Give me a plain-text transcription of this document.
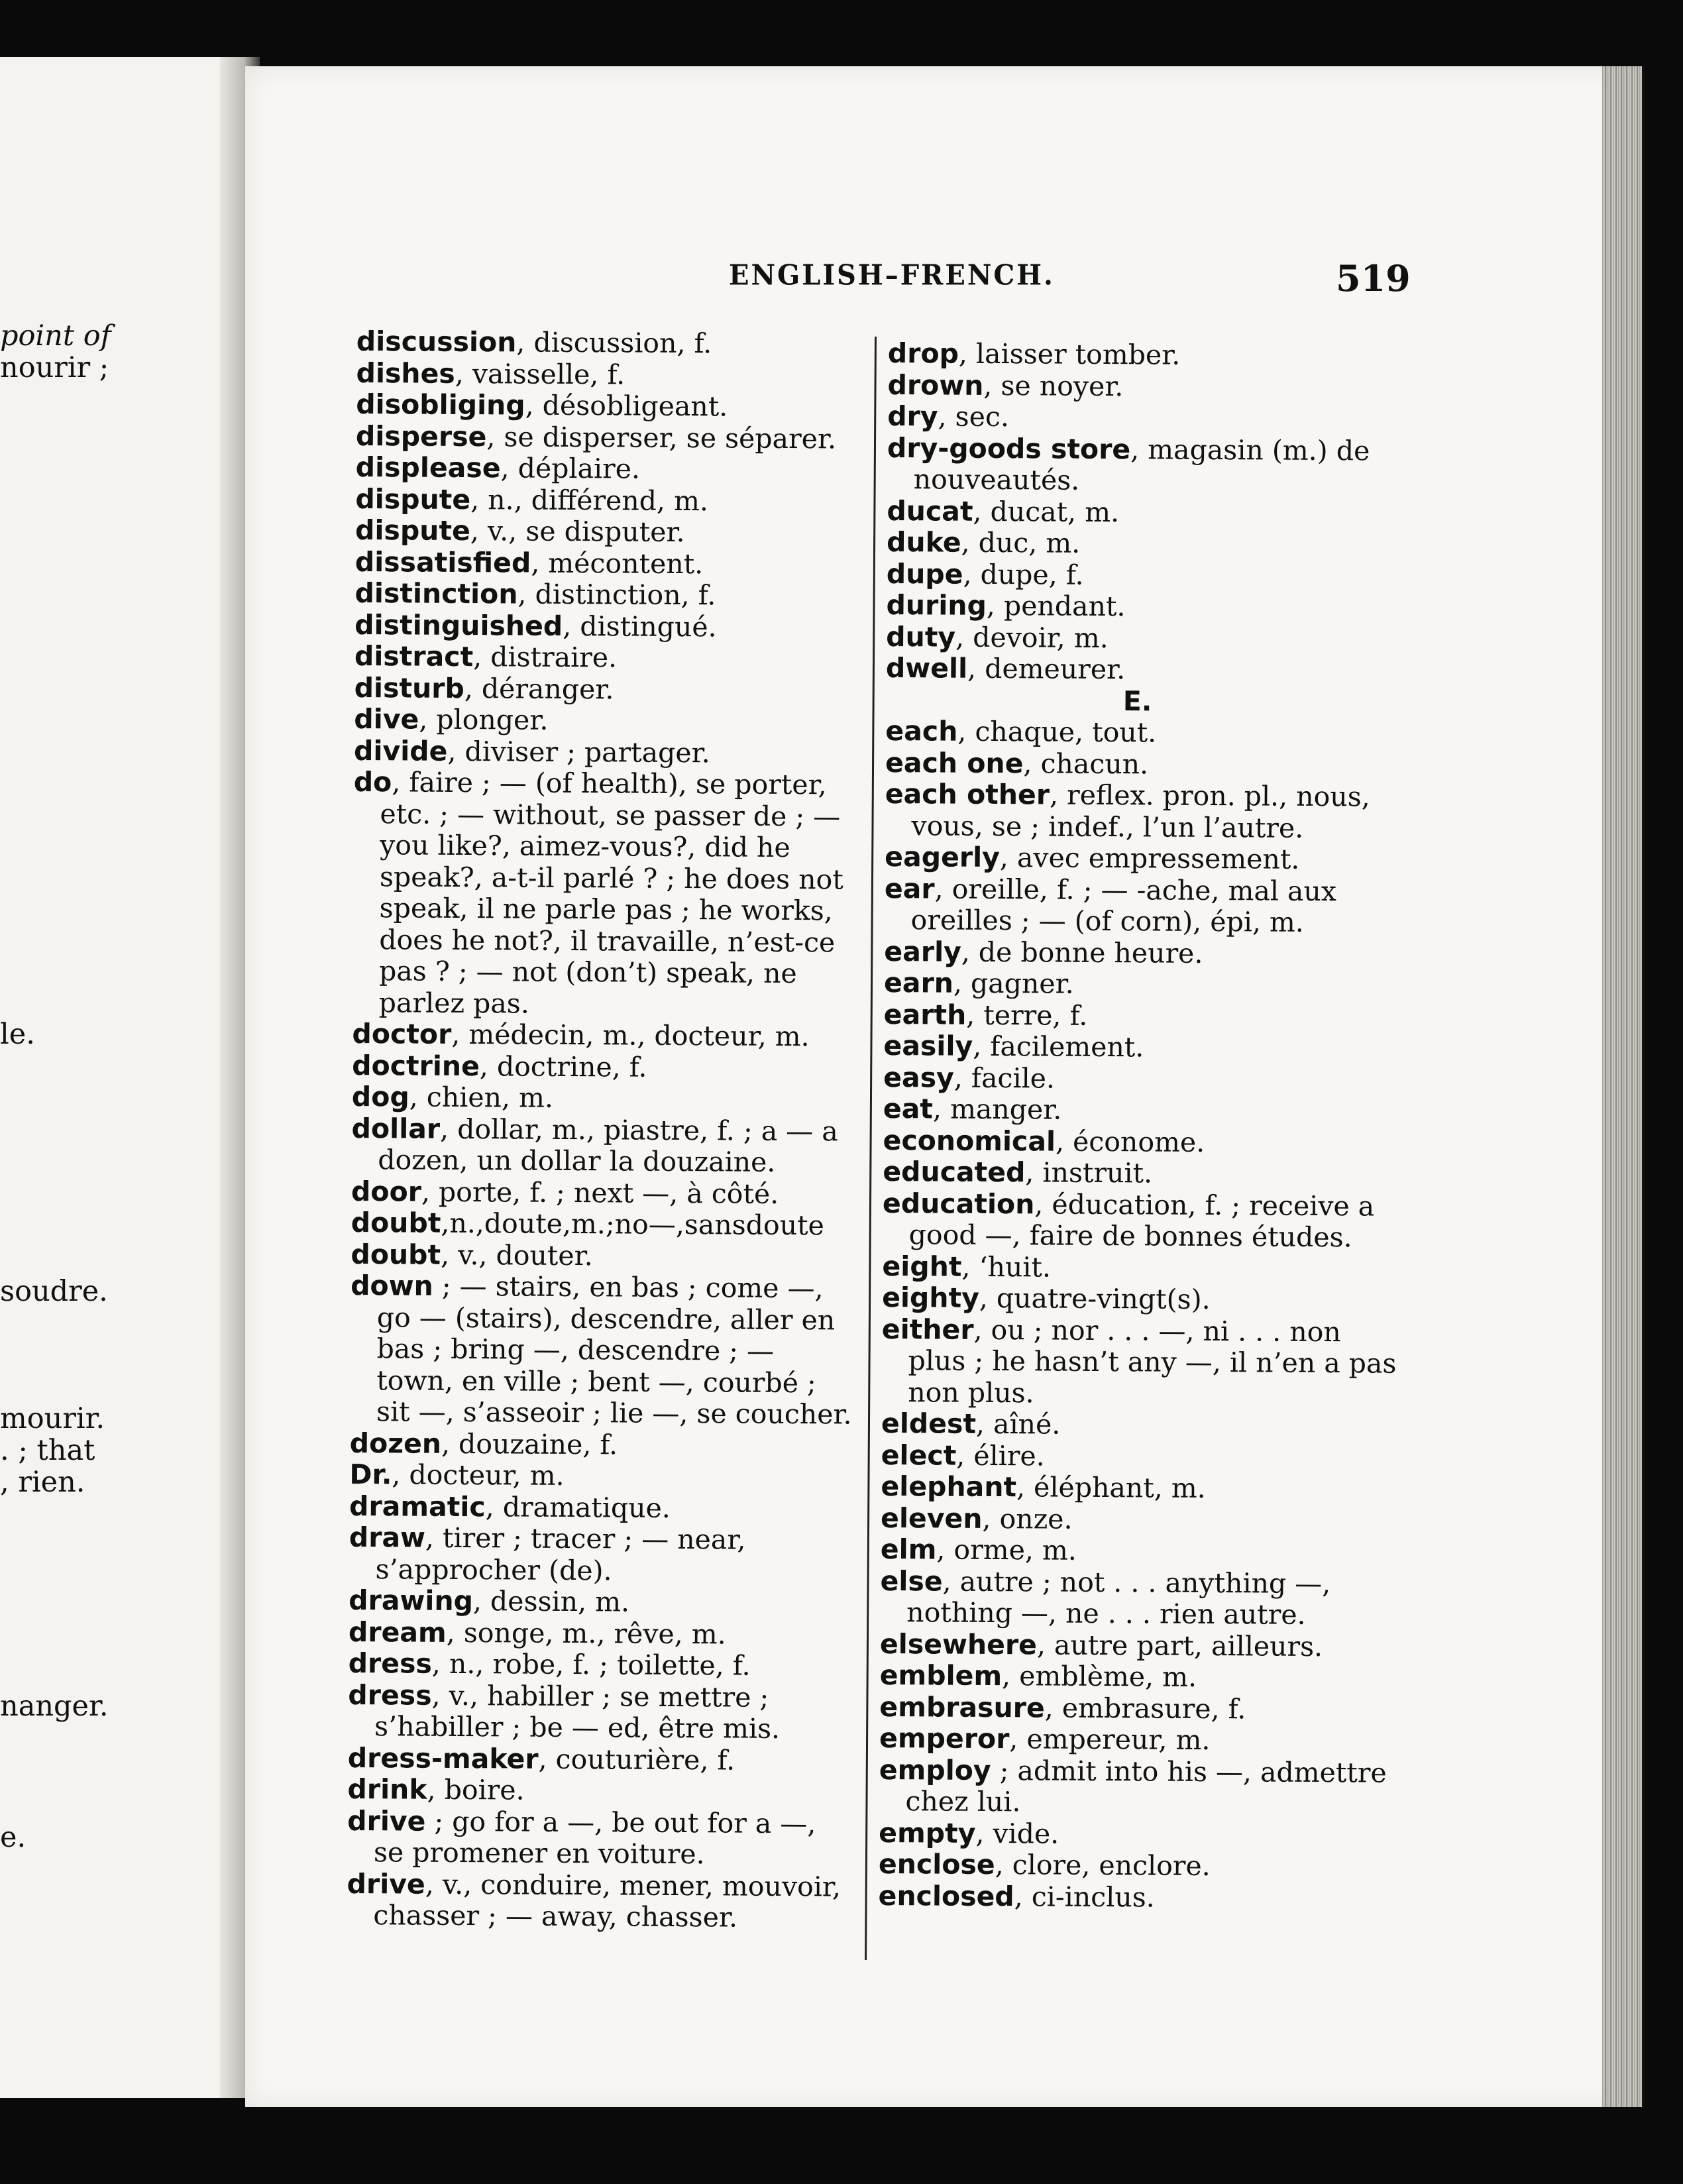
point of
nourir ;
le.
soudre.
mourir.
. ; that
, rien.
nanger.
e.
ENGLISH–FRENCH.	519
discussion, discussion, f.
dishes, vaisselle, f.
disobliging, désobligeant.
disperse, se disperser, se séparer.
displease, déplaire.
dispute, n., différend, m.
dispute, v., se disputer.
dissatisfied, mécontent.
distinction, distinction, f.
distinguished, distingué.
distract, distraire.
disturb, déranger.
dive, plonger.
divide, diviser ; partager.
do, faire ; — (of health), se porter, etc. ; — without, se passer de ; — you like?, aimez-vous?, did he speak?, a-t-il parlé ? ; he does not speak, il ne parle pas ; he works, does he not?, il travaille, n’est-ce pas ? ; — not (don’t) speak, ne parlez pas.
doctor, médecin, m., docteur, m.
doctrine, doctrine, f.
dog, chien, m.
dollar, dollar, m., piastre, f. ; a — a dozen, un dollar la douzaine.
door, porte, f. ; next —, à côté.
doubt,n.,doute,m.;no—,sansdoute
doubt, v., douter.
down ; — stairs, en bas ; come —, go — (stairs), descendre, aller en bas ; bring —, descendre ; — town, en ville ; bent —, courbé ; sit —, s’asseoir ; lie —, se coucher.
dozen, douzaine, f.
Dr., docteur, m.
dramatic, dramatique.
draw, tirer ; tracer ; — near, s’approcher (de).
drawing, dessin, m.
dream, songe, m., rêve, m.
dress, n., robe, f. ; toilette, f.
dress, v., habiller ; se mettre ; s’habiller ; be — ed, être mis.
dress-maker, couturière, f.
drink, boire.
drive ; go for a —, be out for a —, se promener en voiture.
drive, v., conduire, mener, mouvoir, chasser ; — away, chasser.
drop, laisser tomber.
drown, se noyer.
dry, sec.
dry-goods store, magasin (m.) de nouveautés.
ducat, ducat, m.
duke, duc, m.
dupe, dupe, f.
during, pendant.
duty, devoir, m.
dwell, demeurer.
E.
each, chaque, tout.
each one, chacun.
each other, reflex. pron. pl., nous, vous, se ; indef., l’un l’autre.
eagerly, avec empressement.
ear, oreille, f. ; — -ache, mal aux oreilles ; — (of corn), épi, m.
early, de bonne heure.
earn, gagner.
earth, terre, f.
easily, facilement.
easy, facile.
eat, manger.
economical, économe.
educated, instruit.
education, éducation, f. ; receive a good —, faire de bonnes études.
eight, ‘huit.
eighty, quatre-vingt(s).
either, ou ; nor . . . —, ni . . . non plus ; he hasn’t any —, il n’en a pas non plus.
eldest, aîné.
elect, élire.
elephant, éléphant, m.
eleven, onze.
elm, orme, m.
else, autre ; not . . . anything —, nothing —, ne . . . rien autre.
elsewhere, autre part, ailleurs.
emblem, emblème, m.
embrasure, embrasure, f.
emperor, empereur, m.
employ ; admit into his —, admettre chez lui.
empty, vide.
enclose, clore, enclore.
enclosed, ci-inclus.
